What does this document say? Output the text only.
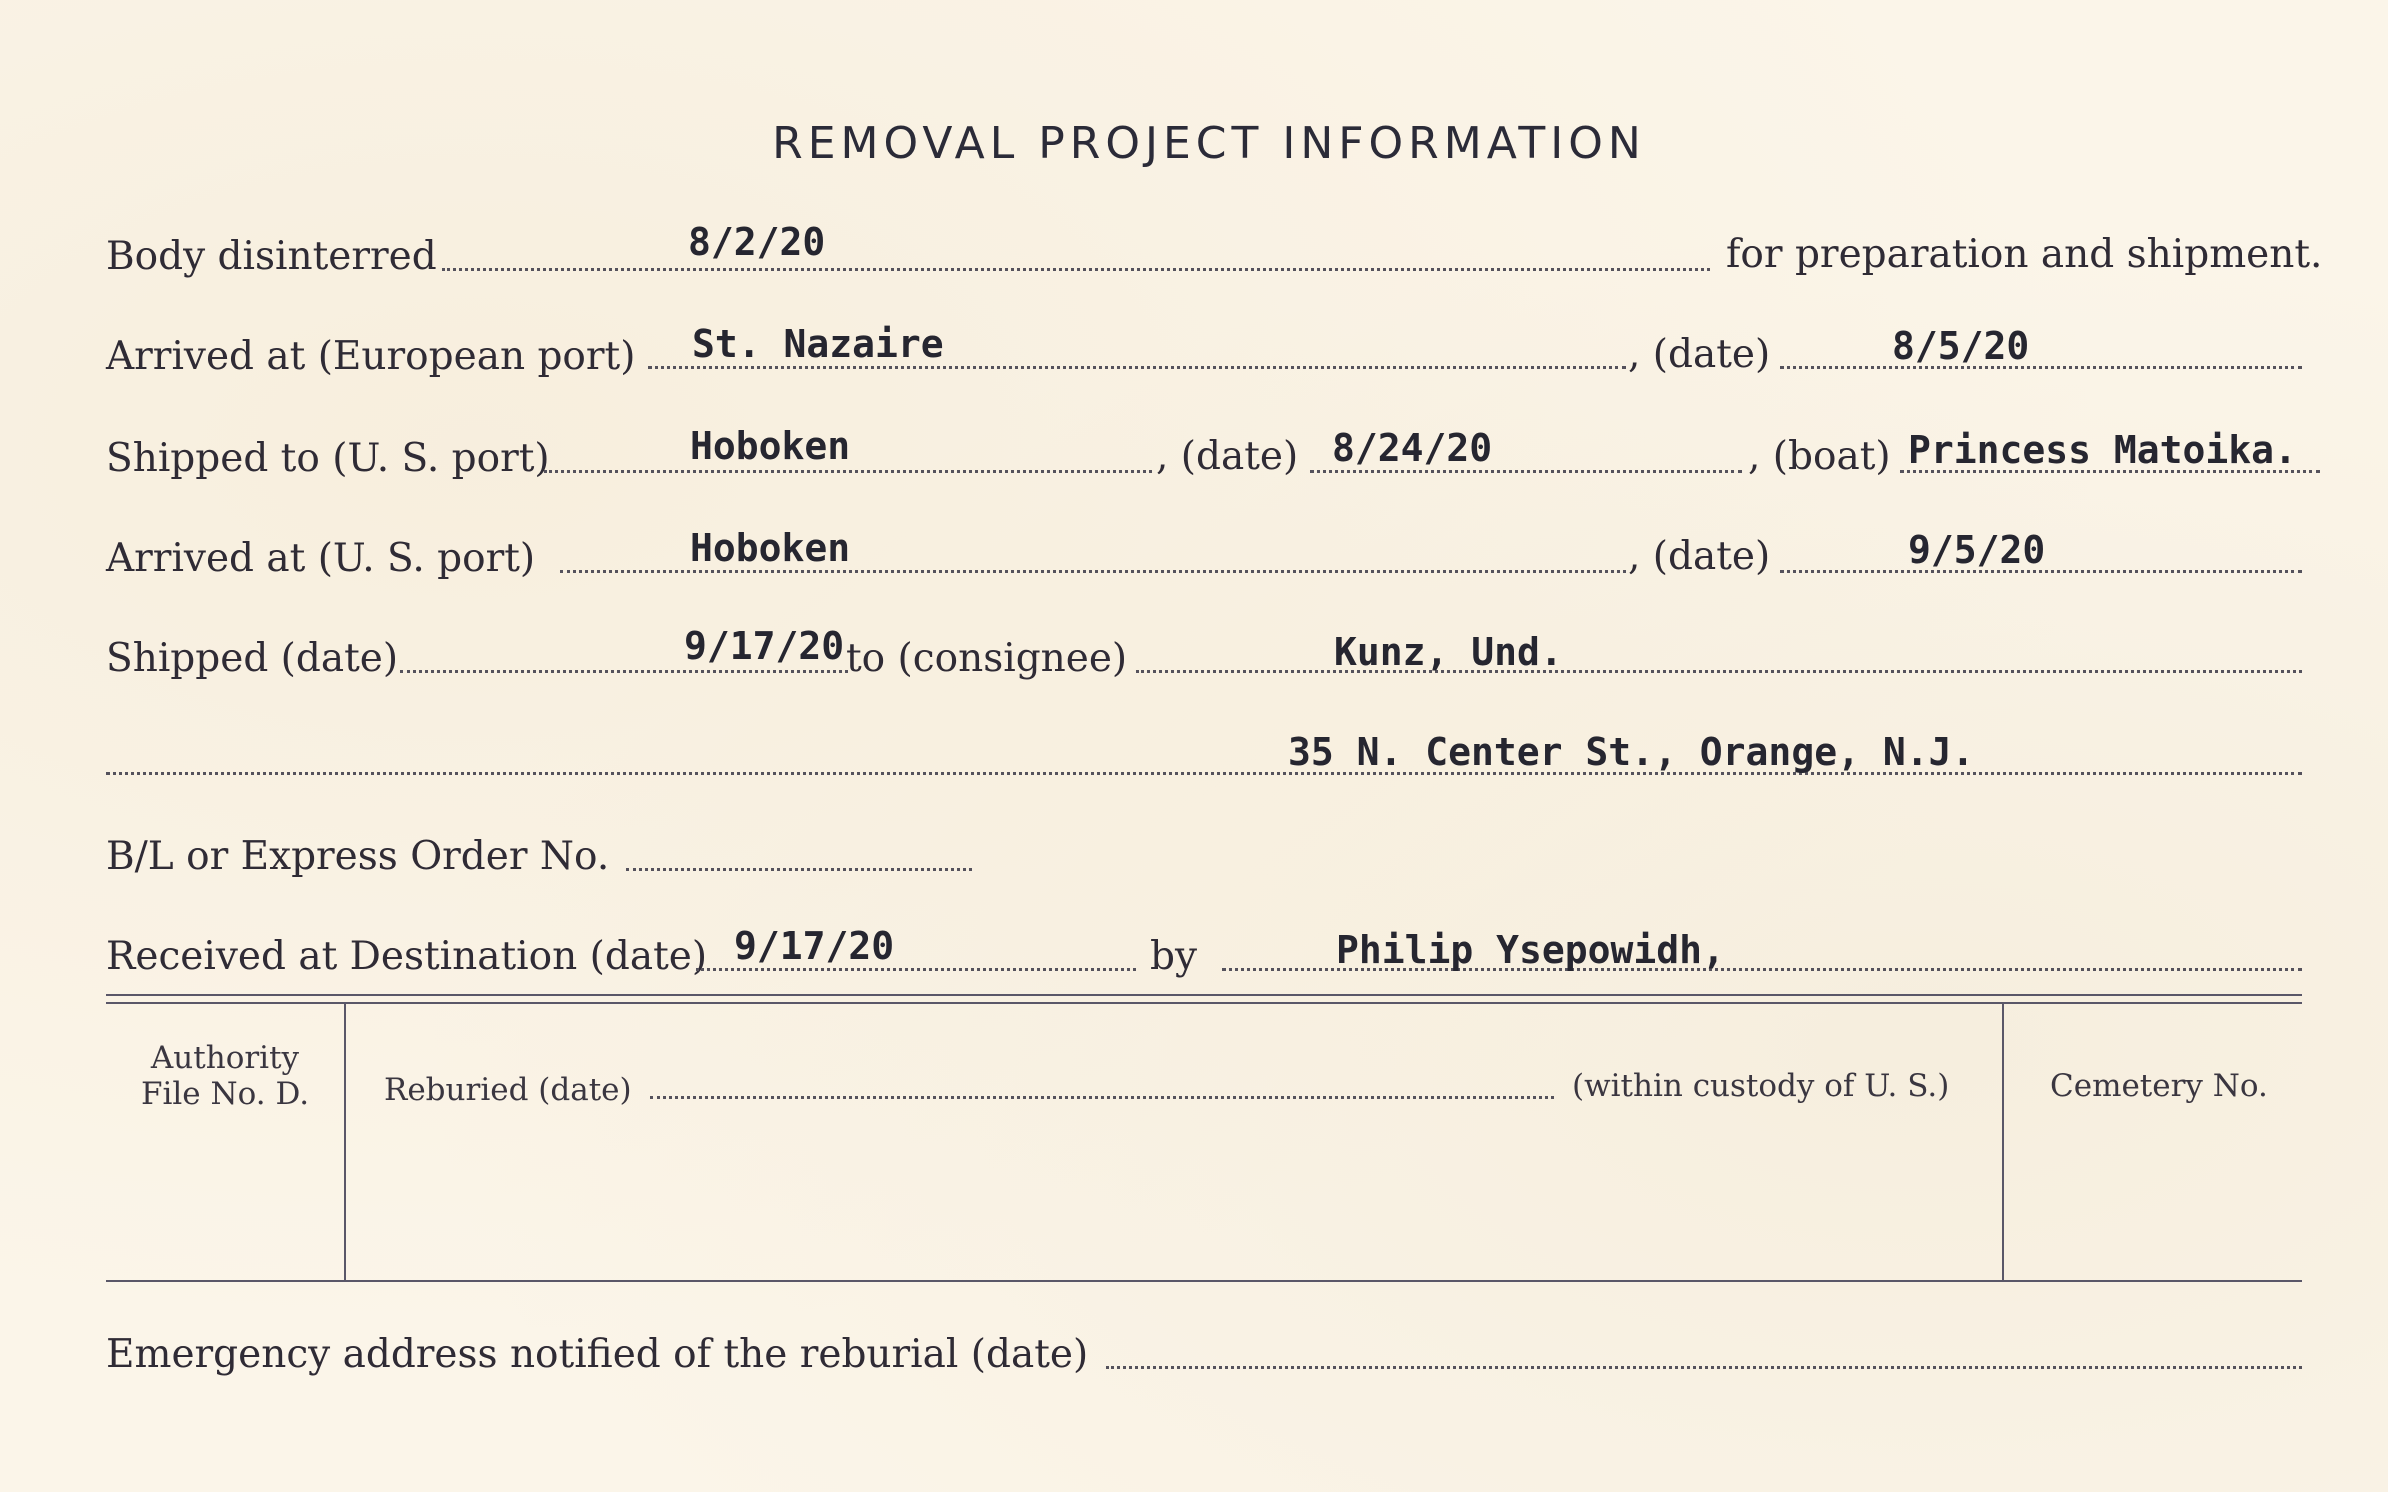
REMOVAL PROJECT INFORMATION
Body disinterred	8/2/20	for preparation and shipment.
Arrived at (European port) St. Nazaire	, (date)	8/5/20
Shipped to (U. S. port)	Hoboken	, (date) 8/24/20	, (boat) Princess Matoika.
Arrived at (U. S. port)	Hoboken	, (date)	9/5/20
Shipped (date)	9/17/20 to (consignee)	Kunz, Und.
35 N. Center St., Orange, N.J.
B/L or Express Order No.
Received at Destination (date) 9/17/20	by	Philip Ysepowidh,
Authority
File No. D.	Reburied (date)	(within custody of U. S.)	Cemetery No.
Emergency address notified of the reburial (date)
